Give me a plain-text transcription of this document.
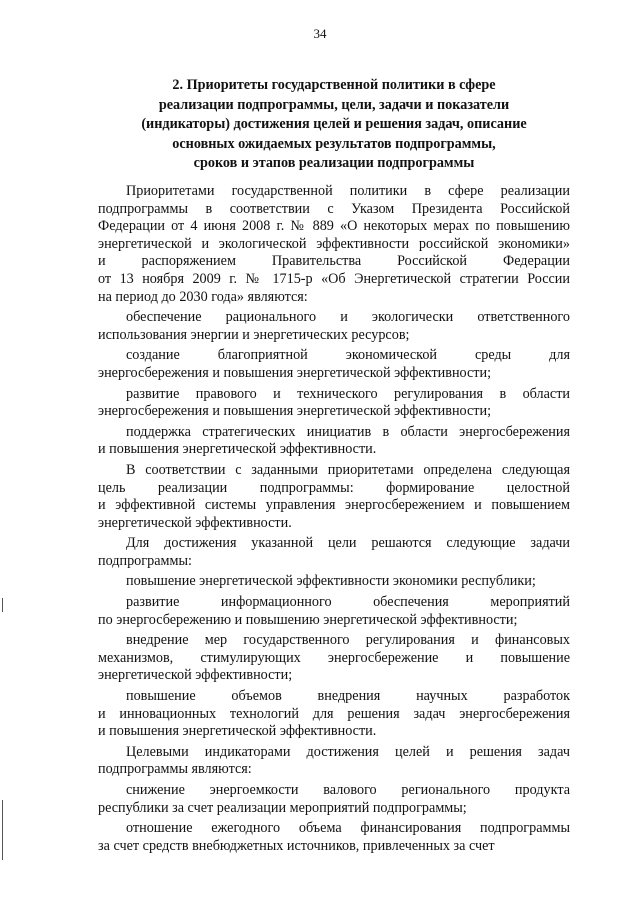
34
2. Приоритеты государственной политики в сфере
реализации подпрограммы, цели, задачи и показатели
(индикаторы) достижения целей и решения задач, описание
основных ожидаемых результатов подпрограммы,
сроков и этапов реализации подпрограммы
Приоритетами государственной политики в сфере реализации
подпрограммы в соответствии с Указом Президента Российской
Федерации от 4 июня 2008 г. № 889 «О некоторых мерах по повышению
энергетической и экологической эффективности российской экономики»
и распоряжением Правительства Российской Федерации
от 13 ноября 2009 г. № 1715-р «Об Энергетической стратегии России
на период до 2030 года» являются:
обеспечение рационального и экологически ответственного
использования энергии и энергетических ресурсов;
создание благоприятной экономической среды для
энергосбережения и повышения энергетической эффективности;
развитие правового и технического регулирования в области
энергосбережения и повышения энергетической эффективности;
поддержка стратегических инициатив в области энергосбережения
и повышения энергетической эффективности.
В соответствии с заданными приоритетами определена следующая
цель реализации подпрограммы: формирование целостной
и эффективной системы управления энергосбережением и повышением
энергетической эффективности.
Для достижения указанной цели решаются следующие задачи
подпрограммы:
повышение энергетической эффективности экономики республики;
развитие информационного обеспечения мероприятий
по энергосбережению и повышению энергетической эффективности;
внедрение мер государственного регулирования и финансовых
механизмов, стимулирующих энергосбережение и повышение
энергетической эффективности;
повышение объемов внедрения научных разработок
и инновационных технологий для решения задач энергосбережения
и повышения энергетической эффективности.
Целевыми индикаторами достижения целей и решения задач
подпрограммы являются:
снижение энергоемкости валового регионального продукта
республики за счет реализации мероприятий подпрограммы;
отношение ежегодного объема финансирования подпрограммы
за счет средств внебюджетных источников, привлеченных за счет
